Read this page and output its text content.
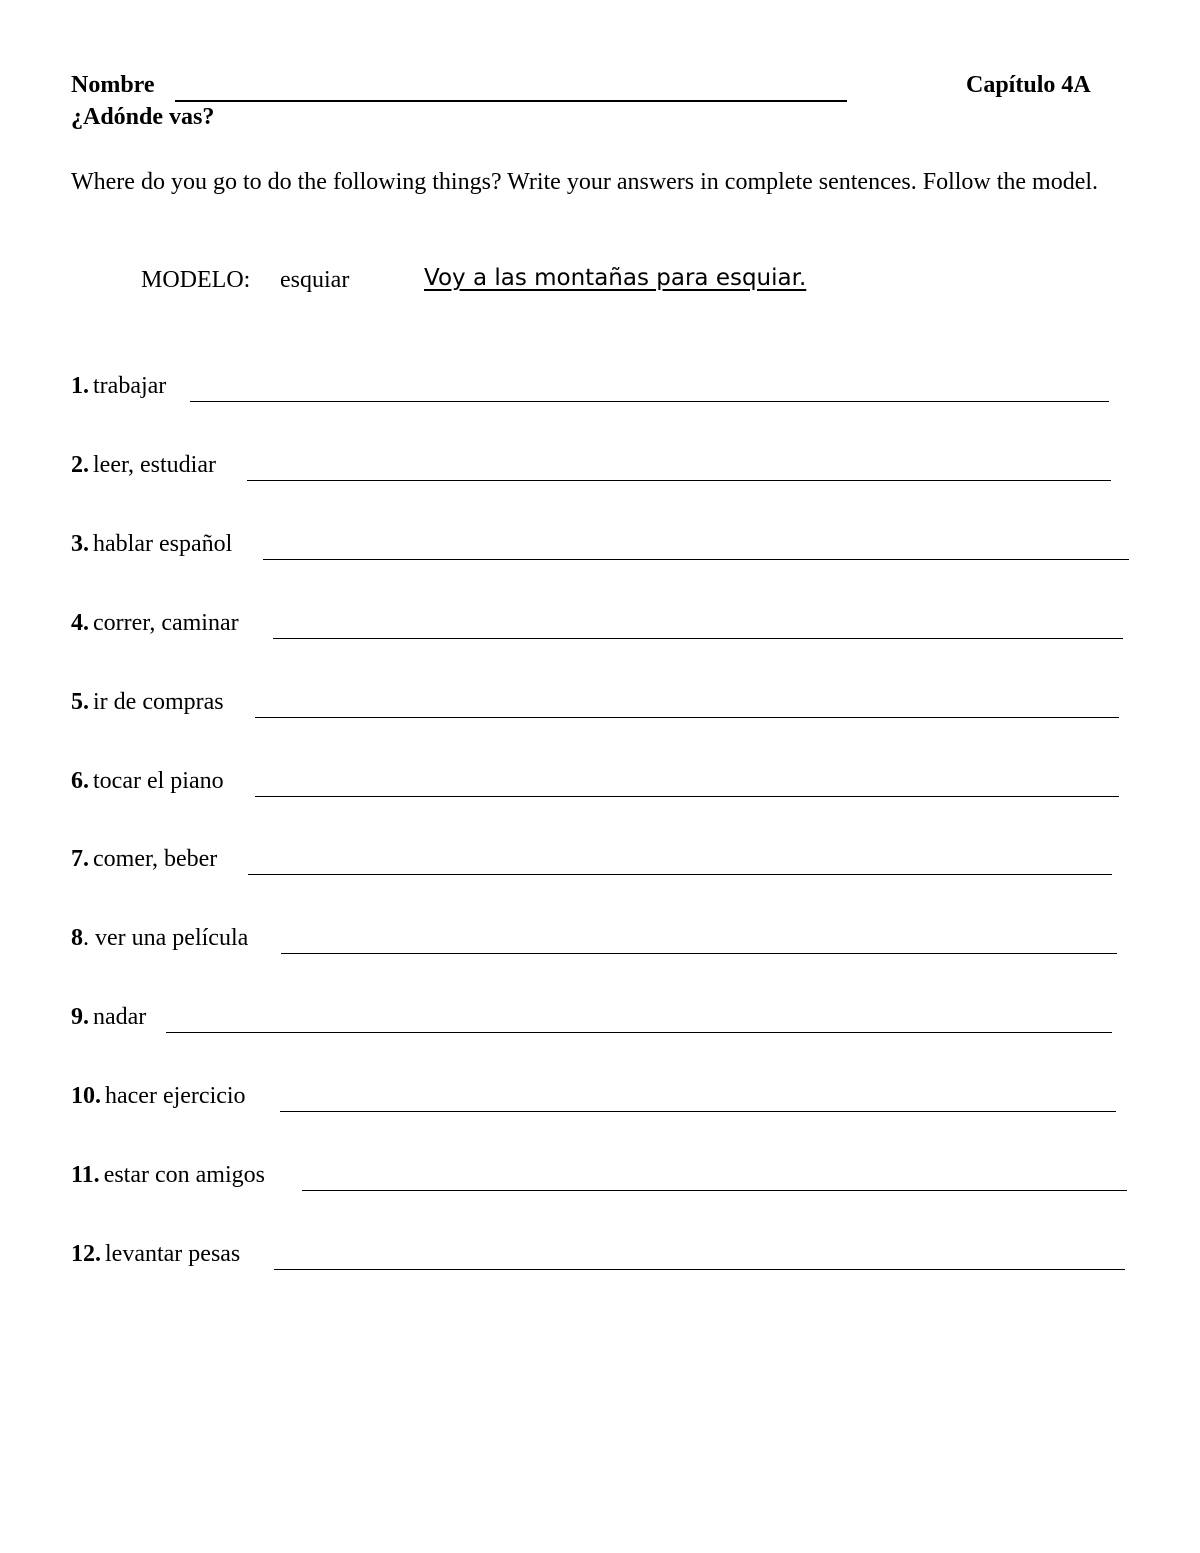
Nombre	Capítulo 4A
¿Adónde vas?
Where do you go to do the following things? Write your answers in complete sentences. Follow the model.
MODELO: esquiar	Voy a las montañas para esquiar.
1. trabajar
2. leer, estudiar
3. hablar español
4. correr, caminar
5. ir de compras
6. tocar el piano
7. comer, beber
8. ver una película
9. nadar
10. hacer ejercicio
11. estar con amigos
12. levantar pesas
